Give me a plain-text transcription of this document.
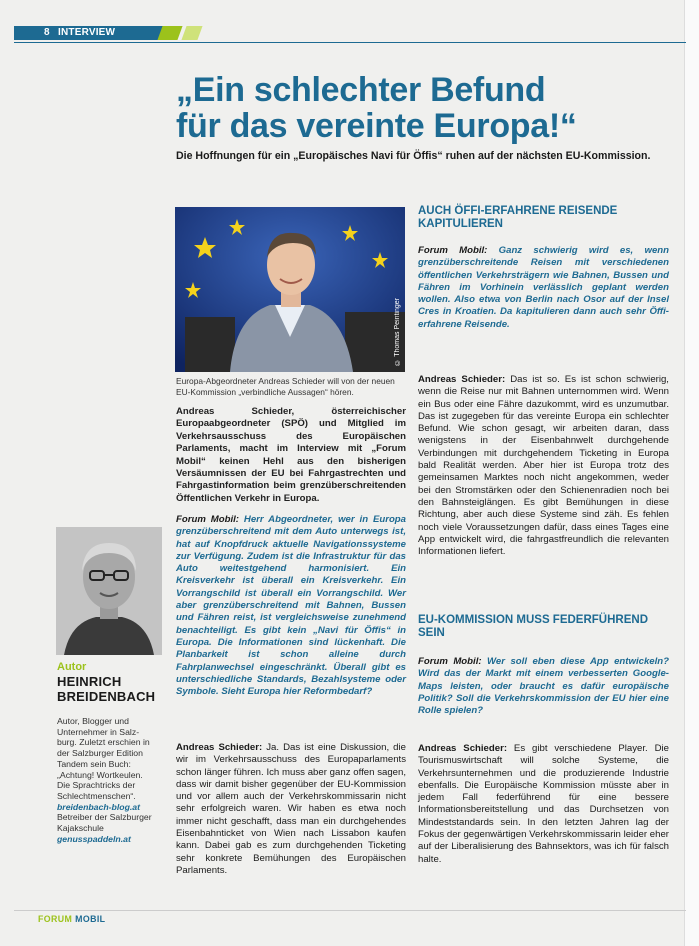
8 INTERVIEW
„Ein schlechter Befund
für das vereinte Europa!“
Die Hoffnungen für ein „Europäisches Navi für Öffis“ ruhen auf der nächsten EU-Kommission.
© Thomas Peintinger
Europa-Abgeordneter Andreas Schieder will von der neuen EU-Kommission „verbindliche Aussagen“ hören.
Andreas Schieder, österreichischer Europaabgeordneter (SPÖ) und Mitglied im Verkehrsausschuss des Europäischen Parlaments, macht im Interview mit „Forum Mobil“ keinen Hehl aus den bisherigen Versäumnissen der EU bei Fahrgastrechten und Fahrgastinformation beim grenzüberschreitenden Öffentlichen Verkehr in Europa.
Forum Mobil: Herr Abgeordneter, wer in Europa grenzüberschreitend mit dem Auto unterwegs ist, hat auf Knopfdruck aktuelle Navigationssysteme zur Verfügung. Zudem ist die Infrastruktur für das Auto weitestgehend harmonisiert. Ein Kreisverkehr ist überall ein Kreisverkehr. Ein Vorrangschild ist überall ein Vorrangschild. Wer aber grenzüberschreitend mit Bahnen, Bussen und Fähren reist, ist vergleichsweise zunehmend benachteiligt. Es gibt kein „Navi für Öffis“ in Europa. Die Informationen sind lückenhaft. Die Planbarkeit ist schon alleine durch Fahrplanwechsel eingeschränkt. Überall gibt es unterschiedliche Standards, Bezahlsysteme oder Symbole. Sieht Europa hier Reformbedarf?
Andreas Schieder: Ja. Das ist eine Diskussion, die wir im Verkehrsausschuss des Europaparlaments schon länger führen. Ich muss aber ganz offen sagen, dass wir damit bisher gegenüber der EU-Kommission und vor allem auch der Verkehrskommissarin nicht sehr erfolgreich waren. Wir haben es etwa noch immer nicht geschafft, dass man ein durchgehendes Eisenbahnticket von Wien nach Lissabon kaufen kann. Dabei gab es zum durchgehenden Ticketing sehr konkrete Bemühungen des Europäischen Parlaments.
AUCH ÖFFI-ERFAHRENE REISENDE KAPITULIEREN
Forum Mobil: Ganz schwierig wird es, wenn grenzüberschreitende Reisen mit verschiedenen öffentlichen Verkehrsträgern wie Bahnen, Bussen und Fähren im Vorhinein verlässlich geplant werden wollen. Also etwa von Berlin nach Osor auf der Insel Cres in Kroatien. Da kapitulieren dann auch sehr Öffi-erfahrene Reisende.
Andreas Schieder: Das ist so. Es ist schon schwierig, wenn die Reise nur mit Bahnen unternommen wird. Wenn ein Bus oder eine Fähre dazukommt, wird es unzumutbar. Das ist zugegeben für das vereinte Europa ein schlechter Befund. Wie schon gesagt, wir arbeiten daran, dass wenigstens in der Eisenbahnwelt durchgehende Verbindungen mit durchgehendem Ticketing in Europa bald Realität werden. Aber hier ist Europa trotz des gemeinsamen Marktes noch nicht angekommen, weder bei den Stromstärken oder den Schienenradien noch bei den Bahnsteiglängen. Es gibt Bemühungen in diese Richtung, aber auch diese Systeme sind zäh. Es fehlen noch viele Voraussetzungen dafür, dass eines Tages eine App entwickelt wird, die fahrgastfreundlich die relevanten Informationen liefert.
EU-KOMMISSION MUSS FEDERFÜHREND SEIN
Forum Mobil: Wer soll eben diese App entwickeln? Wird das der Markt mit einem verbesserten Google-Maps leisten, oder braucht es dafür europäische Politik? Soll die Verkehrskommission der EU hier eine Rolle spielen?
Andreas Schieder: Es gibt verschiedene Player. Die Tourismuswirtschaft will solche Systeme, die Verkehrsunternehmen und die produzierende Industrie ebenfalls. Die Europäische Kommission müsste aber in jedem Fall federführend für eine bessere Informationsbereitstellung und das Durchsetzen von Mindeststandards sein. In den letzten Jahren lag der Fokus der gegenwärtigen Verkehrskommissarin leider eher auf der Liberalisierung des Bahnsektors, was ich für falsch halte.
Autor
HEINRICH
BREIDENBACH
Autor, Blogger und
Unternehmer in Salz-
burg. Zuletzt erschien in
der Salzburger Edition
Tandem sein Buch:
„Achtung! Wortkeulen.
Die Sprachtricks der
Schlechtmenschen“.
breidenbach-blog.at
Betreiber der Salzburger
Kajakschule
genusspaddeln.at
FORUM MOBIL
